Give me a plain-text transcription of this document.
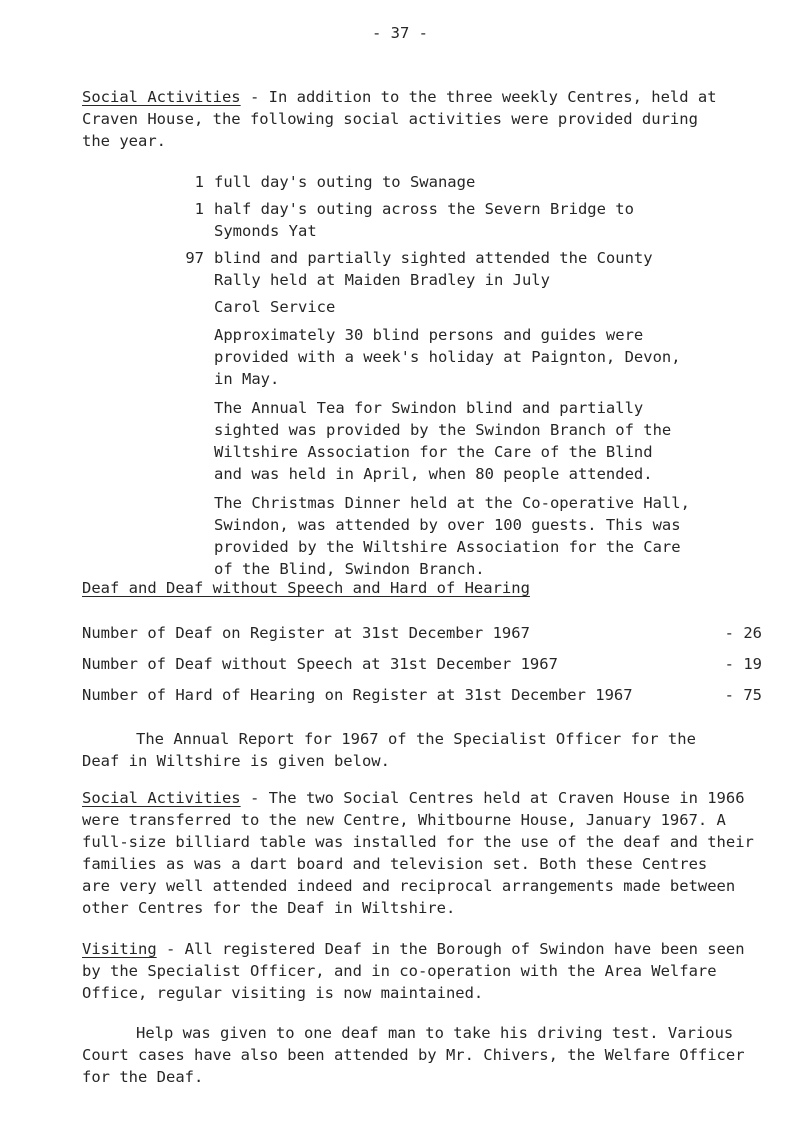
- 37 -
Social Activities - In addition to the three weekly Centres, held at
Craven House, the following social activities were provided during
the year.
1 full day's outing to Swanage
1 half day's outing across the Severn Bridge to
Symonds Yat
97 blind and partially sighted attended the County
Rally held at Maiden Bradley in July
Carol Service
Approximately 30 blind persons and guides were
provided with a week's holiday at Paignton, Devon,
in May.
The Annual Tea for Swindon blind and partially
sighted was provided by the Swindon Branch of the
Wiltshire Association for the Care of the Blind
and was held in April, when 80 people attended.
The Christmas Dinner held at the Co-operative Hall,
Swindon, was attended by over 100 guests. This was
provided by the Wiltshire Association for the Care
of the Blind, Swindon Branch.
Deaf and Deaf without Speech and Hard of Hearing
Number of Deaf on Register at 31st December 1967	- 26
Number of Deaf without Speech at 31st December 1967	- 19
Number of Hard of Hearing on Register at 31st December 1967	- 75
The Annual Report for 1967 of the Specialist Officer for the
Deaf in Wiltshire is given below.
Social Activities - The two Social Centres held at Craven House in 1966
were transferred to the new Centre, Whitbourne House, January 1967. A
full-size billiard table was installed for the use of the deaf and their
families as was a dart board and television set. Both these Centres
are very well attended indeed and reciprocal arrangements made between
other Centres for the Deaf in Wiltshire.
Visiting - All registered Deaf in the Borough of Swindon have been seen
by the Specialist Officer, and in co-operation with the Area Welfare
Office, regular visiting is now maintained.
Help was given to one deaf man to take his driving test. Various
Court cases have also been attended by Mr. Chivers, the Welfare Officer
for the Deaf.
